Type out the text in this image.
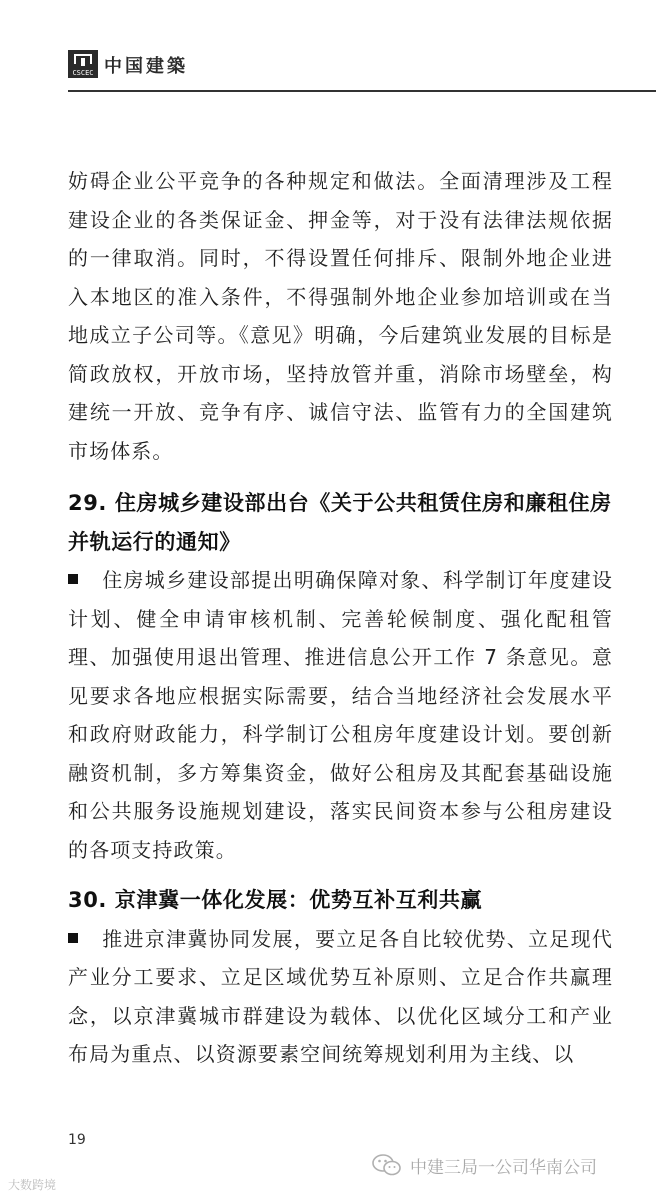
CSCEC 中国建築

妨碍企业公平竞争的各种规定和做法。全面清理涉及工程建设企业的各类保证金、押金等，对于没有法律法规依据的一律取消。同时，不得设置任何排斥、限制外地企业进入本地区的准入条件，不得强制外地企业参加培训或在当地成立子公司等。《意见》明确，今后建筑业发展的目标是简政放权，开放市场，坚持放管并重，消除市场壁垒，构建统一开放、竞争有序、诚信守法、监管有力的全国建筑市场体系。

29. 住房城乡建设部出台《关于公共租赁住房和廉租住房并轨运行的通知》

住房城乡建设部提出明确保障对象、科学制订年度建设计划、健全申请审核机制、完善轮候制度、强化配租管理、加强使用退出管理、推进信息公开工作 7 条意见。意见要求各地应根据实际需要，结合当地经济社会发展水平和政府财政能力，科学制订公租房年度建设计划。要创新融资机制，多方筹集资金，做好公租房及其配套基础设施和公共服务设施规划建设，落实民间资本参与公租房建设的各项支持政策。

30. 京津冀一体化发展：优势互补互利共赢

推进京津冀协同发展，要立足各自比较优势、立足现代产业分工要求、立足区域优势互补原则、立足合作共赢理念，以京津冀城市群建设为载体、以优化区域分工和产业布局为重点、以资源要素空间统筹规划利用为主线、以

19
大数跨境
中建三局一公司华南公司
